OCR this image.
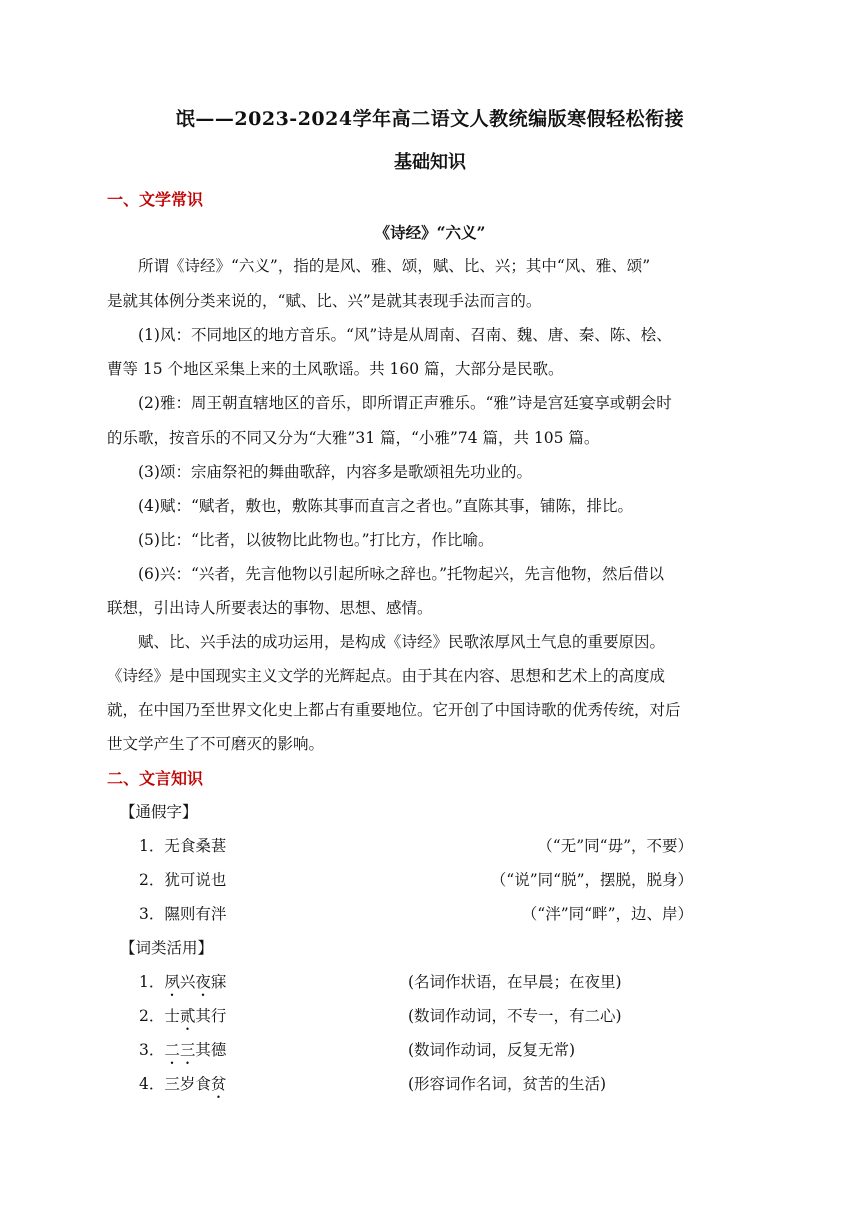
氓——2023-2024学年高二语文人教统编版寒假轻松衔接
基础知识
一、文学常识
《诗经》“六义”
所谓《诗经》“六义”，指的是风、雅、颂，赋、比、兴；其中“风、雅、颂”
是就其体例分类来说的，“赋、比、兴”是就其表现手法而言的。
(1)风：不同地区的地方音乐。“风”诗是从周南、召南、魏、唐、秦、陈、桧、
曹等 15 个地区采集上来的土风歌谣。共 160 篇，大部分是民歌。
(2)雅：周王朝直辖地区的音乐，即所谓正声雅乐。“雅”诗是宫廷宴享或朝会时
的乐歌，按音乐的不同又分为“大雅”31 篇，“小雅”74 篇，共 105 篇。
(3)颂：宗庙祭祀的舞曲歌辞，内容多是歌颂祖先功业的。
(4)赋：“赋者，敷也，敷陈其事而直言之者也。”直陈其事，铺陈，排比。
(5)比：“比者，以彼物比此物也。”打比方，作比喻。
(6)兴：“兴者，先言他物以引起所咏之辞也。”托物起兴，先言他物，然后借以
联想，引出诗人所要表达的事物、思想、感情。
赋、比、兴手法的成功运用，是构成《诗经》民歌浓厚风土气息的重要原因。
《诗经》是中国现实主义文学的光辉起点。由于其在内容、思想和艺术上的高度成
就，在中国乃至世界文化史上都占有重要地位。它开创了中国诗歌的优秀传统，对后
世文学产生了不可磨灭的影响。
二、文言知识
【通假字】
1．无食桑葚	（“无”同“毋”，不要）
2．犹可说也	（“说”同“脱”，摆脱，脱身）
3．隰则有泮	（“泮”同“畔”，边、岸）
【词类活用】
1．夙兴夜寐	(名词作状语，在早晨；在夜里)
2．士贰其行	(数词作动词，不专一，有二心)
3．二三其德	(数词作动词，反复无常)
4．三岁食贫	(形容词作名词，贫苦的生活)
